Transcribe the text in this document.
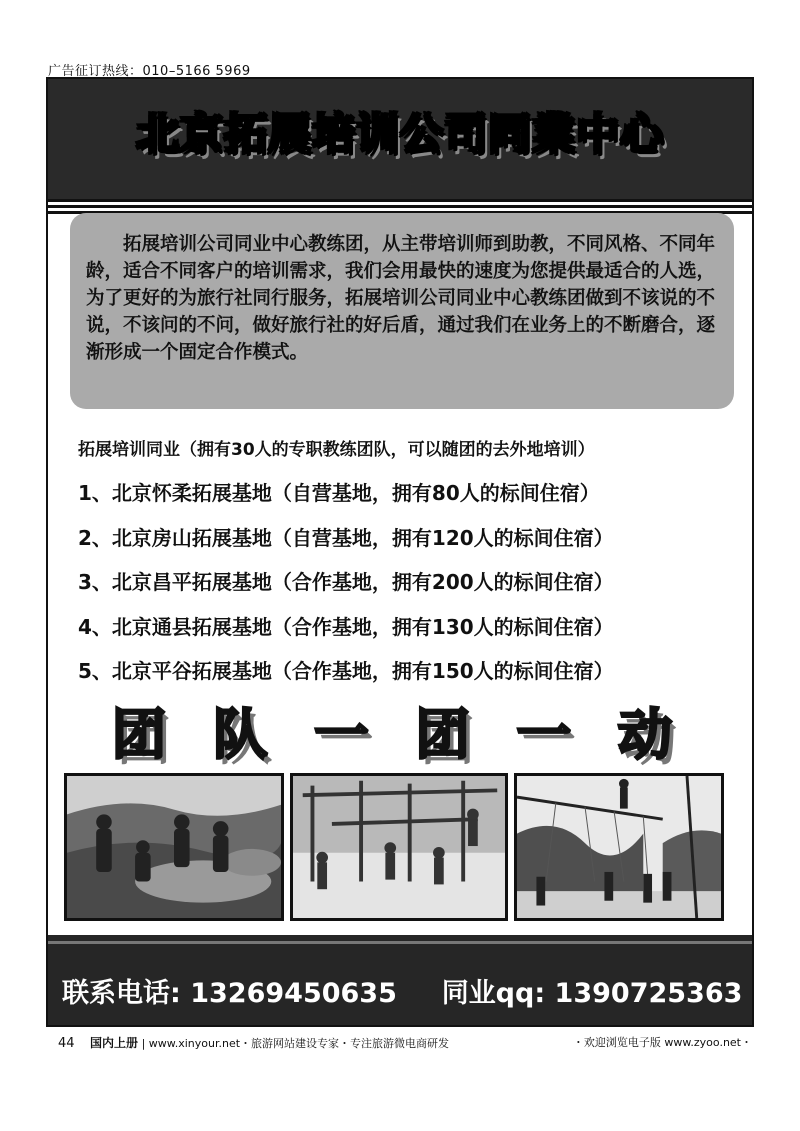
广告征订热线：010–5166 5969
北京拓展培训公司同業中心
拓展培训公司同业中心教练团，从主带培训师到助教，不同风格、不同年龄，适合不同客户的培训需求，我们会用最快的速度为您提供最适合的人选，为了更好的为旅行社同行服务，拓展培训公司同业中心教练团做到不该说的不说，不该问的不问，做好旅行社的好后盾，通过我们在业务上的不断磨合，逐渐形成一个固定合作模式。
拓展培训同业（拥有30人的专职教练团队，可以随团的去外地培训）
1、北京怀柔拓展基地（自营基地，拥有80人的标间住宿）
2、北京房山拓展基地（自营基地，拥有120人的标间住宿）
3、北京昌平拓展基地（合作基地，拥有200人的标间住宿）
4、北京通县拓展基地（合作基地，拥有130人的标间住宿）
5、北京平谷拓展基地（合作基地，拥有150人的标间住宿）
团 队 一 团 一 动
联系电话: 13269450635 同业qq: 1390725363
44 国内上册 | www.xinyour.net・旅游网站建设专家・专注旅游微电商研发	・欢迎浏览电子版 www.zyoo.net・
